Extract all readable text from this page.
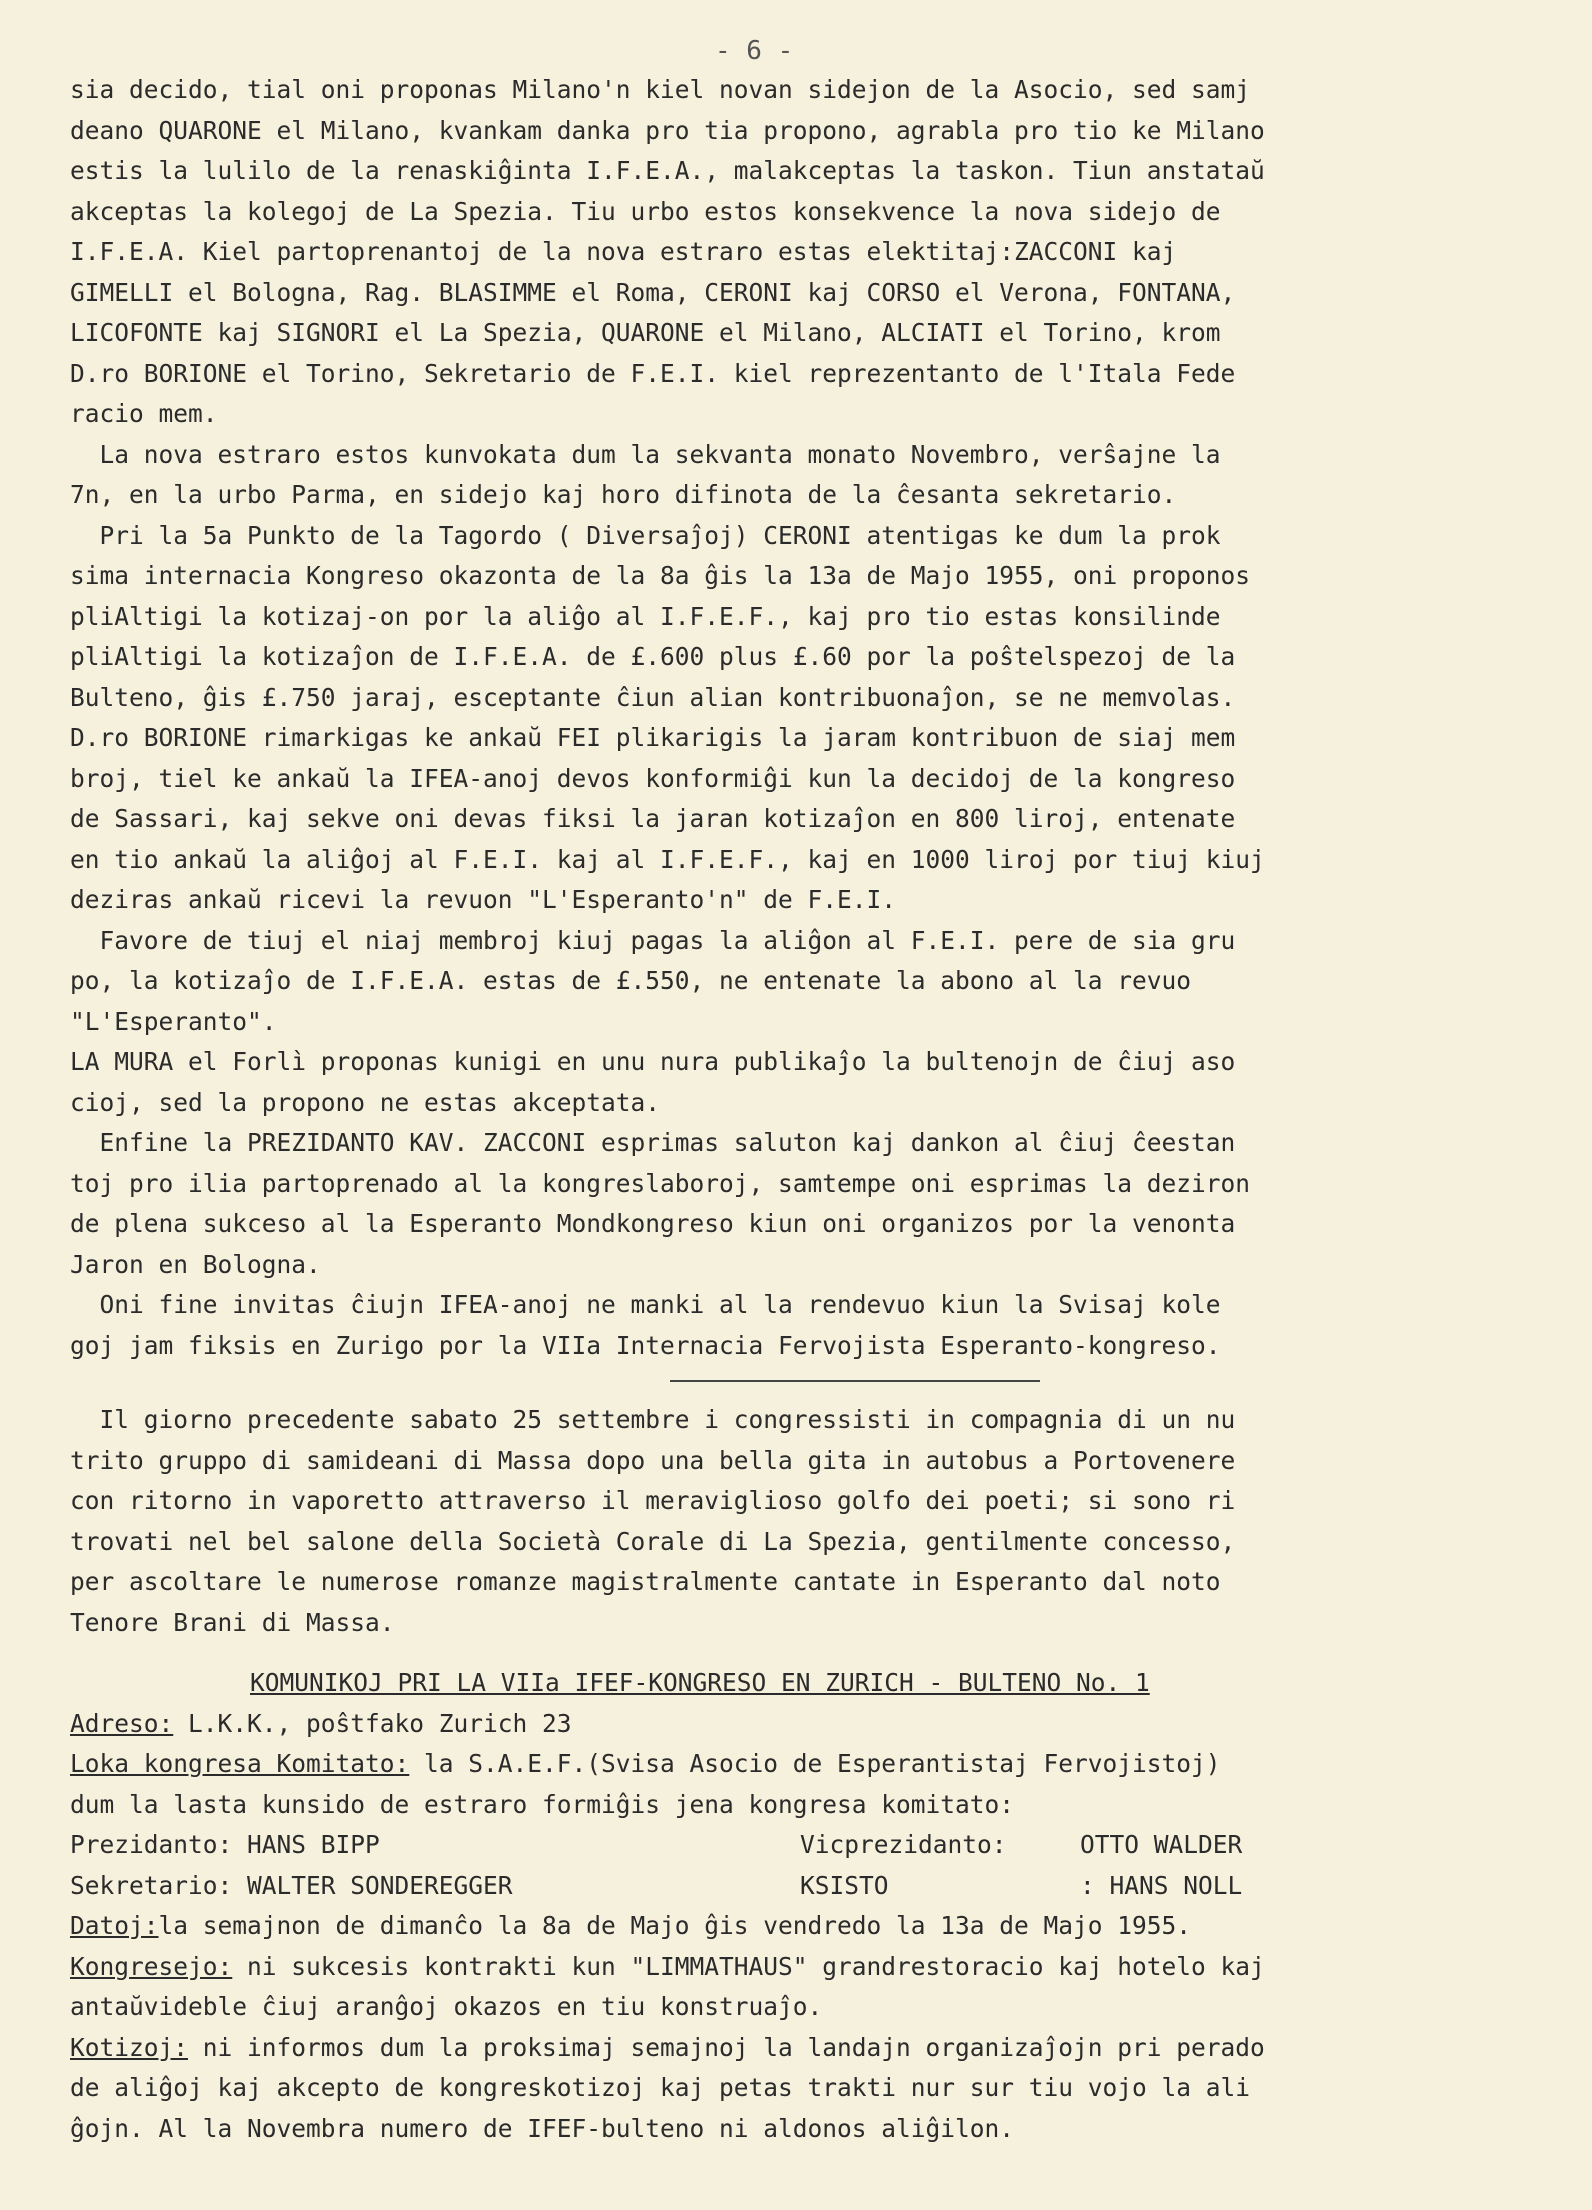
- 6 -
sia decido, tial oni proponas Milano'n kiel novan sidejon de la Asocio, sed samj
deano QUARONE el Milano, kvankam danka pro tia propono, agrabla pro tio ke Milano
estis la lulilo de la renaskiĝinta I.F.E.A., malakceptas la taskon. Tiun anstataŭ
akceptas la kolegoj de La Spezia. Tiu urbo estos konsekvence la nova sidejo de
I.F.E.A. Kiel partoprenantoj de la nova estraro estas elektitaj:ZACCONI kaj
GIMELLI el Bologna, Rag. BLASIMME el Roma, CERONI kaj CORSO el Verona, FONTANA,
LICOFONTE kaj SIGNORI el La Spezia, QUARONE el Milano, ALCIATI el Torino, krom
D.ro BORIONE el Torino, Sekretario de F.E.I. kiel reprezentanto de l'Itala Fede
racio mem.
La nova estraro estos kunvokata dum la sekvanta monato Novembro, verŝajne la
7n, en la urbo Parma, en sidejo kaj horo difinota de la ĉesanta sekretario.
Pri la 5a Punkto de la Tagordo ( Diversaĵoj) CERONI atentigas ke dum la prok
sima internacia Kongreso okazonta de la 8a ĝis la 13a de Majo 1955, oni proponos
pliAltigi la kotizaj-on por la aliĝo al I.F.E.F., kaj pro tio estas konsilinde
pliAltigi la kotizaĵon de I.F.E.A. de £.600 plus £.60 por la poŝtelspezoj de la
Bulteno, ĝis £.750 jaraj, esceptante ĉiun alian kontribuonaĵon, se ne memvolas.
D.ro BORIONE rimarkigas ke ankaŭ FEI plikarigis la jaram kontribuon de siaj mem
broj, tiel ke ankaŭ la IFEA-anoj devos konformiĝi kun la decidoj de la kongreso
de Sassari, kaj sekve oni devas fiksi la jaran kotizaĵon en 800 liroj, entenate
en tio ankaŭ la aliĝoj al F.E.I. kaj al I.F.E.F., kaj en 1000 liroj por tiuj kiuj
deziras ankaŭ ricevi la revuon "L'Esperanto'n" de F.E.I.
Favore de tiuj el niaj membroj kiuj pagas la aliĝon al F.E.I. pere de sia gru
po, la kotizaĵo de I.F.E.A. estas de £.550, ne entenate la abono al la revuo
"L'Esperanto".
LA MURA el Forlì proponas kunigi en unu nura publikaĵo la bultenojn de ĉiuj aso
cioj, sed la propono ne estas akceptata.
Enfine la PREZIDANTO KAV. ZACCONI esprimas saluton kaj dankon al ĉiuj ĉeestan
toj pro ilia partoprenado al la kongreslaboroj, samtempe oni esprimas la deziron
de plena sukceso al la Esperanto Mondkongreso kiun oni organizos por la venonta
Jaron en Bologna.
Oni fine invitas ĉiujn IFEA-anoj ne manki al la rendevuo kiun la Svisaj kole
goj jam fiksis en Zurigo por la VIIa Internacia Fervojista Esperanto-kongreso.
Il giorno precedente sabato 25 settembre i congressisti in compagnia di un nu
trito gruppo di samideani di Massa dopo una bella gita in autobus a Portovenere
con ritorno in vaporetto attraverso il meraviglioso golfo dei poeti; si sono ri
trovati nel bel salone della Società Corale di La Spezia, gentilmente concesso,
per ascoltare le numerose romanze magistralmente cantate in Esperanto dal noto
Tenore Brani di Massa.
KOMUNIKOJ PRI LA VIIa IFEF-KONGRESO EN ZURICH - BULTENO No. 1
Adreso: L.K.K., poŝtfako Zurich 23
Loka kongresa Komitato: la S.A.E.F.(Svisa Asocio de Esperantistaj Fervojistoj)
dum la lasta kunsido de estraro formiĝis jena kongresa komitato:
Prezidanto: HANS BIPP	Vicprezidanto:	OTTO WALDER
Sekretario: WALTER SONDEREGGER	KSISTO	: HANS NOLL
Datoj:la semajnon de dimanĉo la 8a de Majo ĝis vendredo la 13a de Majo 1955.
Kongresejo: ni sukcesis kontrakti kun "LIMMATHAUS" grandrestoracio kaj hotelo kaj
antaŭvideble ĉiuj aranĝoj okazos en tiu konstruaĵo.
Kotizoj: ni informos dum la proksimaj semajnoj la landajn organizaĵojn pri perado
de aliĝoj kaj akcepto de kongreskotizoj kaj petas trakti nur sur tiu vojo la ali
ĝojn. Al la Novembra numero de IFEF-bulteno ni aldonos aliĝilon.
